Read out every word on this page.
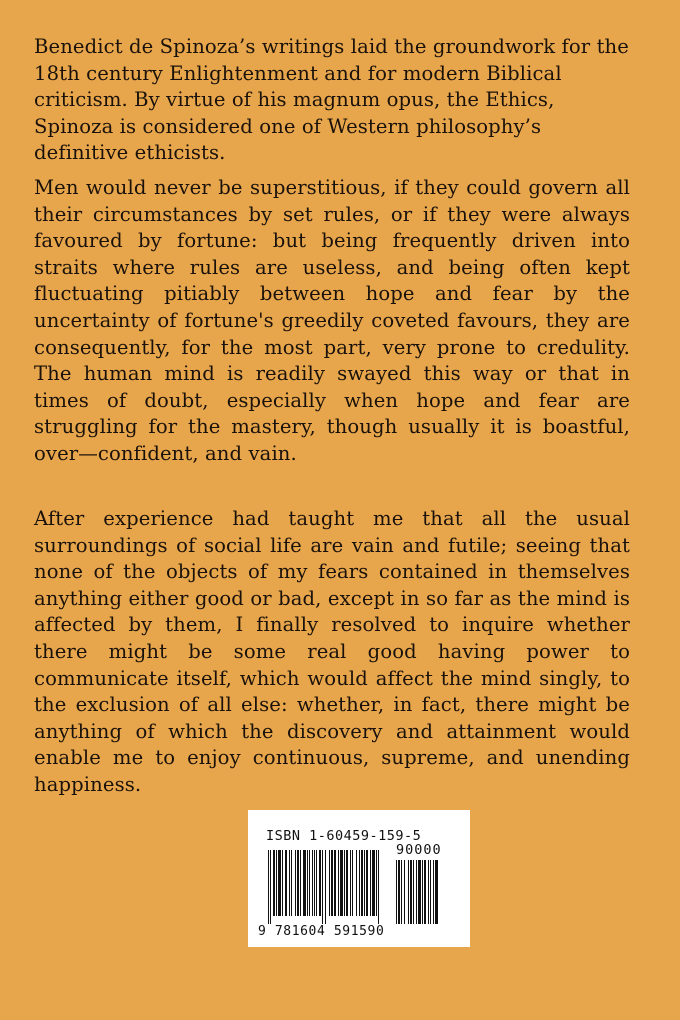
Benedict de Spinoza’s writings laid the groundwork for the 18th century Enlightenment and for modern Biblical criticism. By virtue of his magnum opus, the Ethics, Spinoza is considered one of Western philosophy’s definitive ethicists.

Men would never be superstitious, if they could govern all their circumstances by set rules, or if they were always favoured by fortune: but being frequently driven into straits where rules are useless, and being often kept fluctuating pitiably between hope and fear by the uncertainty of fortune's greedily coveted favours, they are consequently, for the most part, very prone to credulity. The human mind is readily swayed this way or that in times of doubt, especially when hope and fear are struggling for the mastery, though usually it is boastful, over—confident, and vain.

After experience had taught me that all the usual surroundings of social life are vain and futile; seeing that none of the objects of my fears contained in themselves anything either good or bad, except in so far as the mind is affected by them, I finally resolved to inquire whether there might be some real good having power to communicate itself, which would affect the mind singly, to the exclusion of all else: whether, in fact, there might be anything of which the discovery and attainment would enable me to enjoy continuous, supreme, and unending happiness.

ISBN 1-60459-159-5
90000
9 781604 591590
